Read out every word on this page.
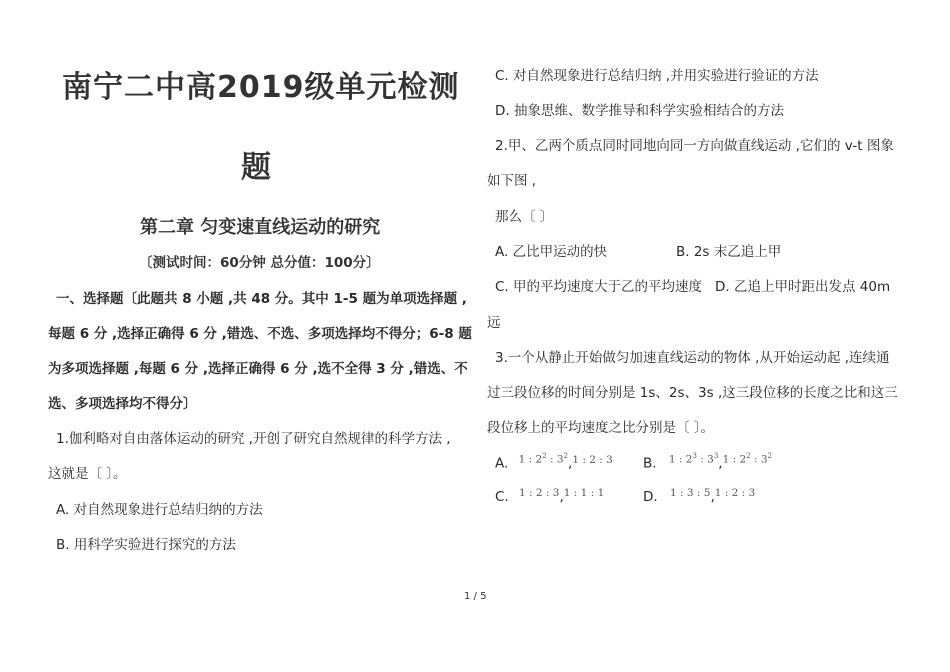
南宁二中高2019级单元检测
题
第二章 匀变速直线运动的研究
〔测试时间：60分钟 总分值：100分〕
一、选择题〔此题共 8 小题 ,共 48 分。其中 1-5 题为单项选择题 ,
每题 6 分 ,选择正确得 6 分 ,错选、不选、多项选择均不得分；6-8 题
为多项选择题 ,每题 6 分 ,选择正确得 6 分 ,选不全得 3 分 ,错选、不
选、多项选择均不得分〕
1.伽利略对自由落体运动的研究 ,开创了研究自然规律的科学方法 ,
这就是〔 〕。
A. 对自然现象进行总结归纳的方法
B. 用科学实验进行探究的方法
C. 对自然现象进行总结归纳 ,并用实验进行验证的方法
D. 抽象思维、数学推导和科学实验相结合的方法
2.甲、乙两个质点同时同地向同一方向做直线运动 ,它们的 v-t 图象
如下图 ,
那么〔 〕
A. 乙比甲运动的快	B. 2s 末乙追上甲
C. 甲的平均速度大于乙的平均速度 D. 乙追上甲时距出发点 40m
远
3.一个从静止开始做匀加速直线运动的物体 ,从开始运动起 ,连续通
过三段位移的时间分别是 1s、2s、3s ,这三段位移的长度之比和这三
段位移上的平均速度之比分别是〔 〕。
A. 1 : $2^2$ : $3^2,1$ : 2 : 3 B. 1 : $2^3$ : $3^3,1$ : $2^2$ : $3^2$
C. 1 : 2 : 3,1 : 1 : 1	D. 1 : 3 : 5,1 : 2 : 3
1 / 5
